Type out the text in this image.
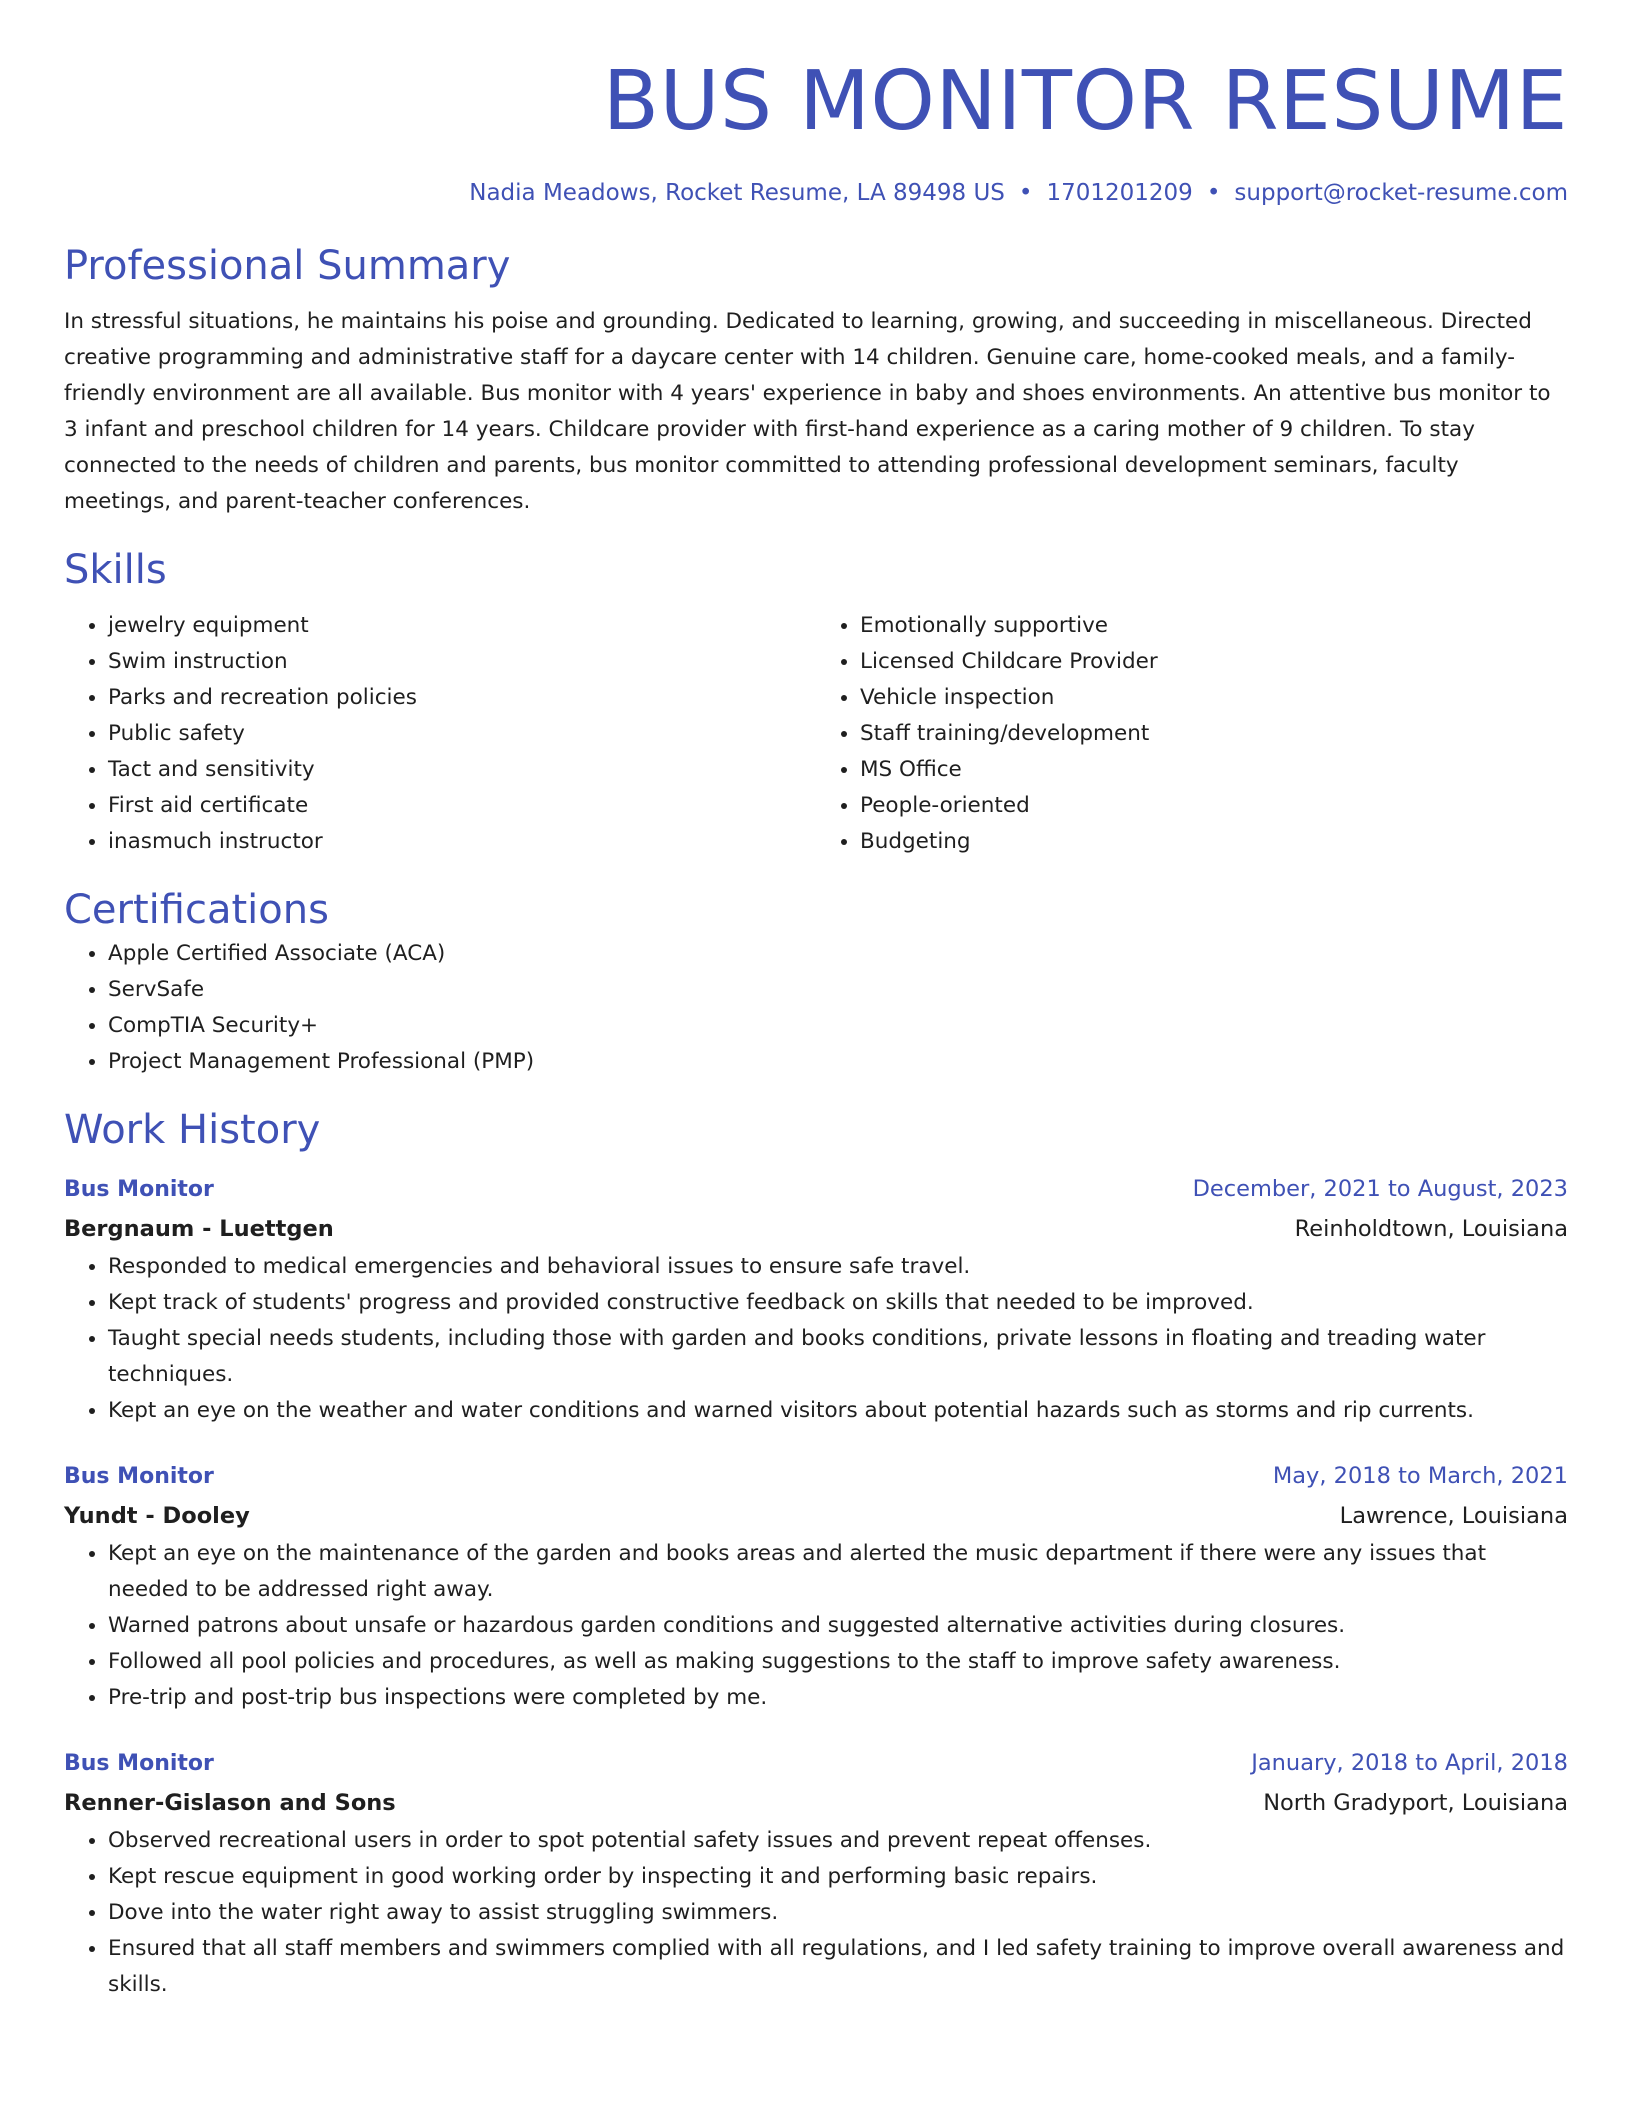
BUS MONITOR RESUME
Nadia Meadows, Rocket Resume, LA 89498 US • 1701201209 • support@rocket-resume.com
Professional Summary

In stressful situations, he maintains his poise and grounding. Dedicated to learning, growing, and succeeding in miscellaneous. Directed creative programming and administrative staff for a daycare center with 14 children. Genuine care, home-cooked meals, and a family-friendly environment are all available. Bus monitor with 4 years' experience in baby and shoes environments. An attentive bus monitor to 3 infant and preschool children for 14 years. Childcare provider with first-hand experience as a caring mother of 9 children. To stay connected to the needs of children and parents, bus monitor committed to attending professional development seminars, faculty meetings, and parent-teacher conferences.

Skills
• jewelry equipment
• Swim instruction
• Parks and recreation policies
• Public safety
• Tact and sensitivity
• First aid certificate
• inasmuch instructor
• Emotionally supportive
• Licensed Childcare Provider
• Vehicle inspection
• Staff training/development
• MS Office
• People-oriented
• Budgeting
Certifications
• Apple Certified Associate (ACA)
• ServSafe
• CompTIA Security+
• Project Management Professional (PMP)
Work History
Bus Monitor	December, 2021 to August, 2023
Bergnaum - Luettgen	Reinholdtown, Louisiana
• Responded to medical emergencies and behavioral issues to ensure safe travel.
• Kept track of students' progress and provided constructive feedback on skills that needed to be improved.
• Taught special needs students, including those with garden and books conditions, private lessons in floating and treading water techniques.
• Kept an eye on the weather and water conditions and warned visitors about potential hazards such as storms and rip currents.
Bus Monitor	May, 2018 to March, 2021
Yundt - Dooley	Lawrence, Louisiana
• Kept an eye on the maintenance of the garden and books areas and alerted the music department if there were any issues that needed to be addressed right away.
• Warned patrons about unsafe or hazardous garden conditions and suggested alternative activities during closures.
• Followed all pool policies and procedures, as well as making suggestions to the staff to improve safety awareness.
• Pre-trip and post-trip bus inspections were completed by me.
Bus Monitor	January, 2018 to April, 2018
Renner-Gislason and Sons	North Gradyport, Louisiana
• Observed recreational users in order to spot potential safety issues and prevent repeat offenses.
• Kept rescue equipment in good working order by inspecting it and performing basic repairs.
• Dove into the water right away to assist struggling swimmers.
• Ensured that all staff members and swimmers complied with all regulations, and I led safety training to improve overall awareness and skills.
